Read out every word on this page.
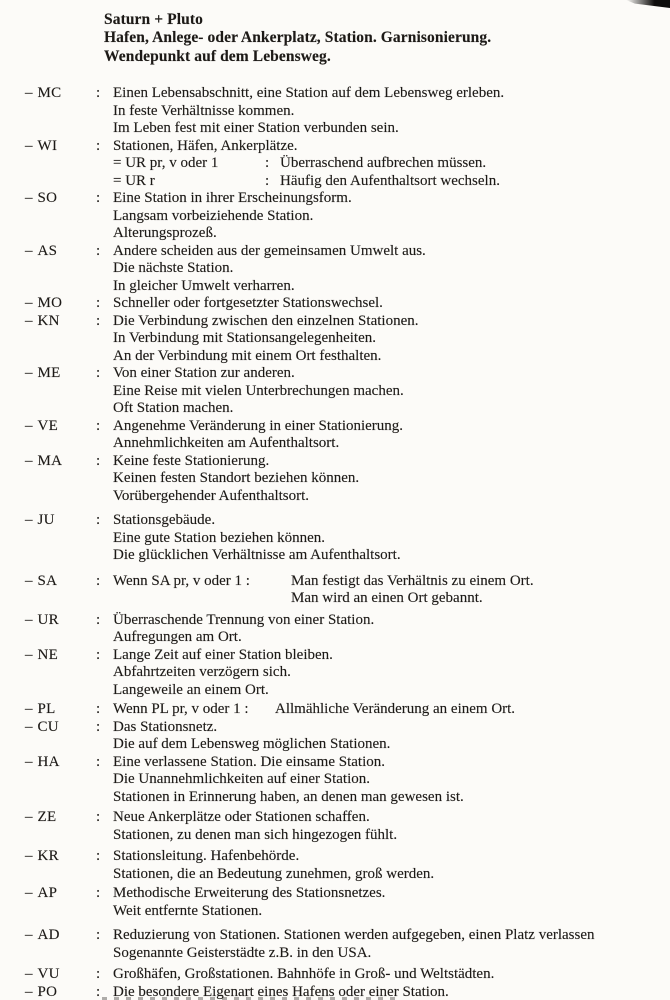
Saturn + Pluto
Hafen, Anlege- oder Ankerplatz, Station. Garnisonierung.
Wendepunkt auf dem Lebensweg.
– MC	: Einen Lebensabschnitt, eine Station auf dem Lebensweg erleben.
In feste Verhältnisse kommen.
Im Leben fest mit einer Station verbunden sein.
– WI	: Stationen, Häfen, Ankerplätze.
= UR pr, v oder 1	: Überraschend aufbrechen müssen.
= UR r	: Häufig den Aufenthaltsort wechseln.
– SO	: Eine Station in ihrer Erscheinungsform.
Langsam vorbeiziehende Station.
Alterungsprozeß.
– AS	: Andere scheiden aus der gemeinsamen Umwelt aus.
Die nächste Station.
In gleicher Umwelt verharren.
– MO	: Schneller oder fortgesetzter Stationswechsel.
– KN	: Die Verbindung zwischen den einzelnen Stationen.
In Verbindung mit Stationsangelegenheiten.
An der Verbindung mit einem Ort festhalten.
– ME	: Von einer Station zur anderen.
Eine Reise mit vielen Unterbrechungen machen.
Oft Station machen.
– VE	: Angenehme Veränderung in einer Stationierung.
Annehmlichkeiten am Aufenthaltsort.
– MA	: Keine feste Stationierung.
Keinen festen Standort beziehen können.
Vorübergehender Aufenthaltsort.
– JU	: Stationsgebäude.
Eine gute Station beziehen können.
Die glücklichen Verhältnisse am Aufenthaltsort.
– SA	: Wenn SA pr, v oder 1 :	Man festigt das Verhältnis zu einem Ort.
Man wird an einen Ort gebannt.
– UR	: Überraschende Trennung von einer Station.
Aufregungen am Ort.
– NE	: Lange Zeit auf einer Station bleiben.
Abfahrtzeiten verzögern sich.
Langeweile an einem Ort.
– PL	: Wenn PL pr, v oder 1 : Allmähliche Veränderung an einem Ort.
– CU	: Das Stationsnetz.
Die auf dem Lebensweg möglichen Stationen.
– HA	: Eine verlassene Station. Die einsame Station.
Die Unannehmlichkeiten auf einer Station.
Stationen in Erinnerung haben, an denen man gewesen ist.
– ZE	: Neue Ankerplätze oder Stationen schaffen.
Stationen, zu denen man sich hingezogen fühlt.
– KR	: Stationsleitung. Hafenbehörde.
Stationen, die an Bedeutung zunehmen, groß werden.
– AP	: Methodische Erweiterung des Stationsnetzes.
Weit entfernte Stationen.
– AD	: Reduzierung von Stationen. Stationen werden aufgegeben, einen Platz verlassen
Sogenannte Geisterstädte z.B. in den USA.
– VU	: Großhäfen, Großstationen. Bahnhöfe in Groß- und Weltstädten.
– PO	: Die besondere Eigenart eines Hafens oder einer Station.
